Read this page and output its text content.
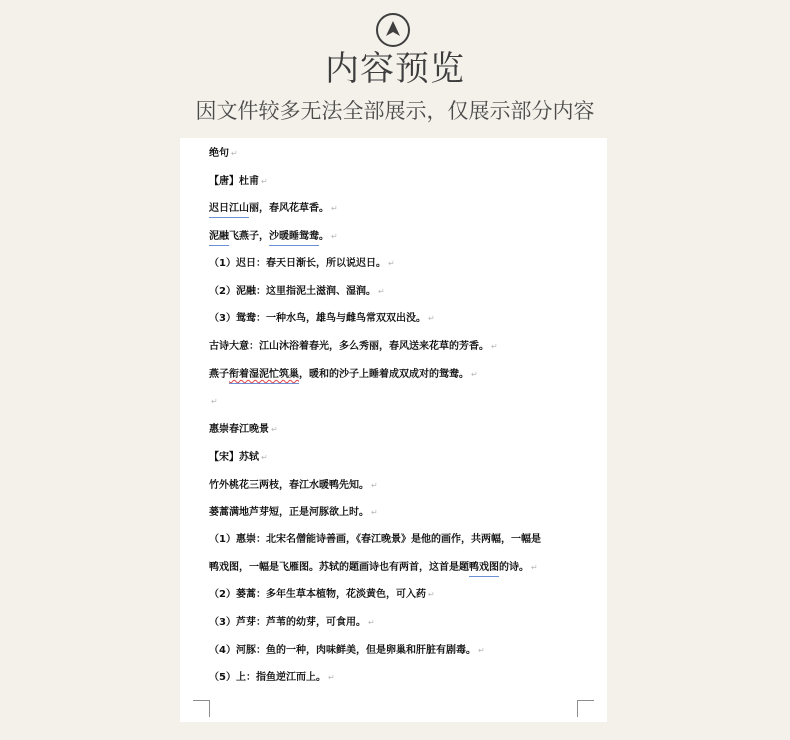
内容预览
因文件较多无法全部展示，仅展示部分内容
绝句 ↵
【唐】杜甫 ↵
迟日江山丽，春风花草香。 ↵
泥融飞燕子，沙暖睡鸳鸯。 ↵
（1）迟日：春天日渐长，所以说迟日。 ↵
（2）泥融：这里指泥土滋润、湿润。 ↵
（3）鸳鸯：一种水鸟，雄鸟与雌鸟常双双出没。 ↵
古诗大意：江山沐浴着春光，多么秀丽，春风送来花草的芳香。 ↵
燕子衔着湿泥忙筑巢，暖和的沙子上睡着成双成对的鸳鸯。 ↵
↵
惠崇春江晚景 ↵
【宋】苏轼 ↵
竹外桃花三两枝，春江水暖鸭先知。 ↵
蒌蒿满地芦芽短，正是河豚欲上时。 ↵
（1）惠崇：北宋名僧能诗善画，《春江晚景》是他的画作，共两幅，一幅是
鸭戏图，一幅是飞雁图。苏轼的题画诗也有两首，这首是题鸭戏图的诗。 ↵
（2）蒌蒿：多年生草本植物，花淡黄色，可入药 ↵
（3）芦芽：芦苇的幼芽，可食用。 ↵
（4）河豚：鱼的一种，肉味鲜美，但是卵巢和肝脏有剧毒。 ↵
（5）上：指鱼逆江而上。 ↵
